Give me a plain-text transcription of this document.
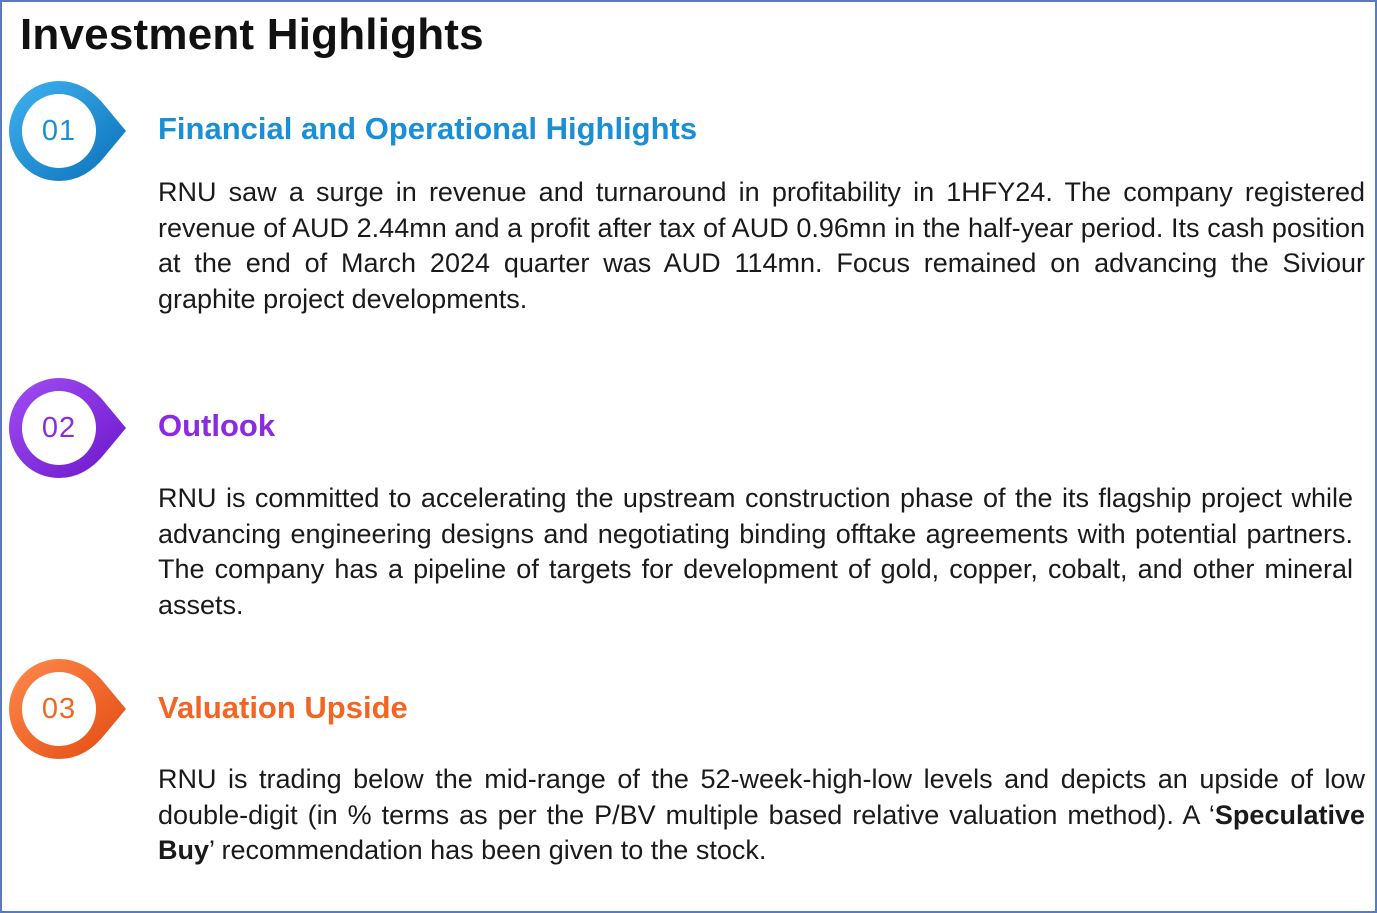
Investment Highlights
01	Financial and Operational Highlights

RNU saw a surge in revenue and turnaround in profitability in 1HFY24. The company registered revenue of AUD 2.44mn and a profit after tax of AUD 0.96mn in the half-year period. Its cash position at the end of March 2024 quarter was AUD 114mn. Focus remained on advancing the Siviour graphite project developments.

02	Outlook

RNU is committed to accelerating the upstream construction phase of the its flagship project while advancing engineering designs and negotiating binding offtake agreements with potential partners. The company has a pipeline of targets for development of gold, copper, cobalt, and other mineral assets.

03	Valuation Upside

RNU is trading below the mid-range of the 52-week-high-low levels and depicts an upside of low double-digit (in % terms as per the P/BV multiple based relative valuation method). A ‘Speculative Buy’ recommendation has been given to the stock.
